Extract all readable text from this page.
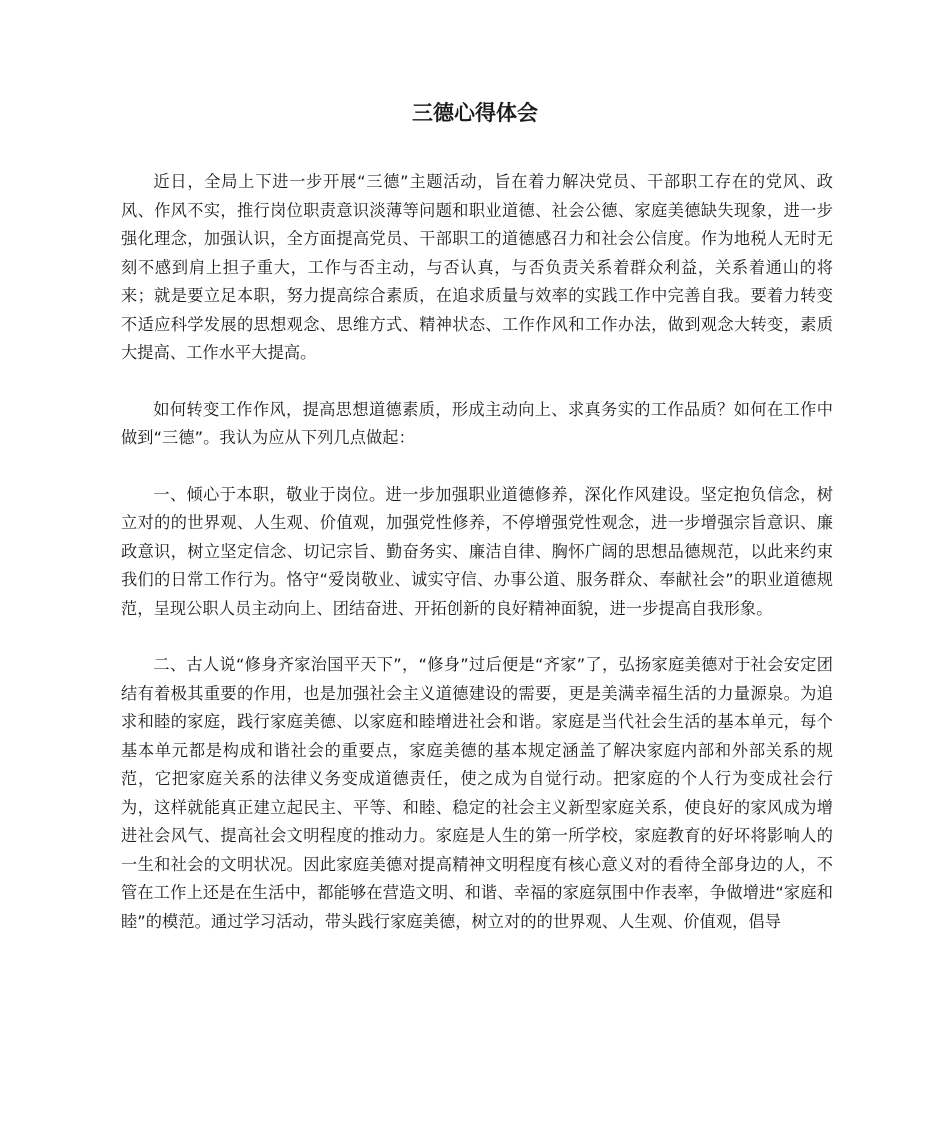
三德心得体会

近日，全局上下进一步开展“三德”主题活动，旨在着力解决党员、干部职工存在的党风、政风、作风不实，推行岗位职责意识淡薄等问题和职业道德、社会公德、家庭美德缺失现象，进一步强化理念，加强认识，全方面提高党员、干部职工的道德感召力和社会公信度。作为地税人无时无刻不感到肩上担子重大，工作与否主动，与否认真，与否负责关系着群众利益，关系着通山的将来；就是要立足本职，努力提高综合素质，在追求质量与效率的实践工作中完善自我。要着力转变不适应科学发展的思想观念、思维方式、精神状态、工作作风和工作办法，做到观念大转变，素质大提高、工作水平大提高。

如何转变工作作风，提高思想道德素质，形成主动向上、求真务实的工作品质？如何在工作中做到“三德”。我认为应从下列几点做起：

一、倾心于本职，敬业于岗位。进一步加强职业道德修养，深化作风建设。坚定抱负信念，树立对的的世界观、人生观、价值观，加强党性修养，不停增强党性观念，进一步增强宗旨意识、廉政意识，树立坚定信念、切记宗旨、勤奋务实、廉洁自律、胸怀广阔的思想品德规范，以此来约束我们的日常工作行为。恪守“爱岗敬业、诚实守信、办事公道、服务群众、奉献社会”的职业道德规范，呈现公职人员主动向上、团结奋进、开拓创新的良好精神面貌，进一步提高自我形象。

二、古人说“修身齐家治国平天下”，“修身”过后便是“齐家”了，弘扬家庭美德对于社会安定团结有着极其重要的作用，也是加强社会主义道德建设的需要，更是美满幸福生活的力量源泉。为追求和睦的家庭，践行家庭美德、以家庭和睦增进社会和谐。家庭是当代社会生活的基本单元，每个基本单元都是构成和谐社会的重要点，家庭美德的基本规定涵盖了解决家庭内部和外部关系的规范，它把家庭关系的法律义务变成道德责任，使之成为自觉行动。把家庭的个人行为变成社会行为，这样就能真正建立起民主、平等、和睦、稳定的社会主义新型家庭关系，使良好的家风成为增进社会风气、提高社会文明程度的推动力。家庭是人生的第一所学校，家庭教育的好坏将影响人的一生和社会的文明状况。因此家庭美德对提高精神文明程度有核心意义对的看待全部身边的人，不管在工作上还是在生活中，都能够在营造文明、和谐、幸福的家庭氛围中作表率，争做增进“家庭和睦”的模范。通过学习活动，带头践行家庭美德，树立对的的世界观、人生观、价值观，倡导
